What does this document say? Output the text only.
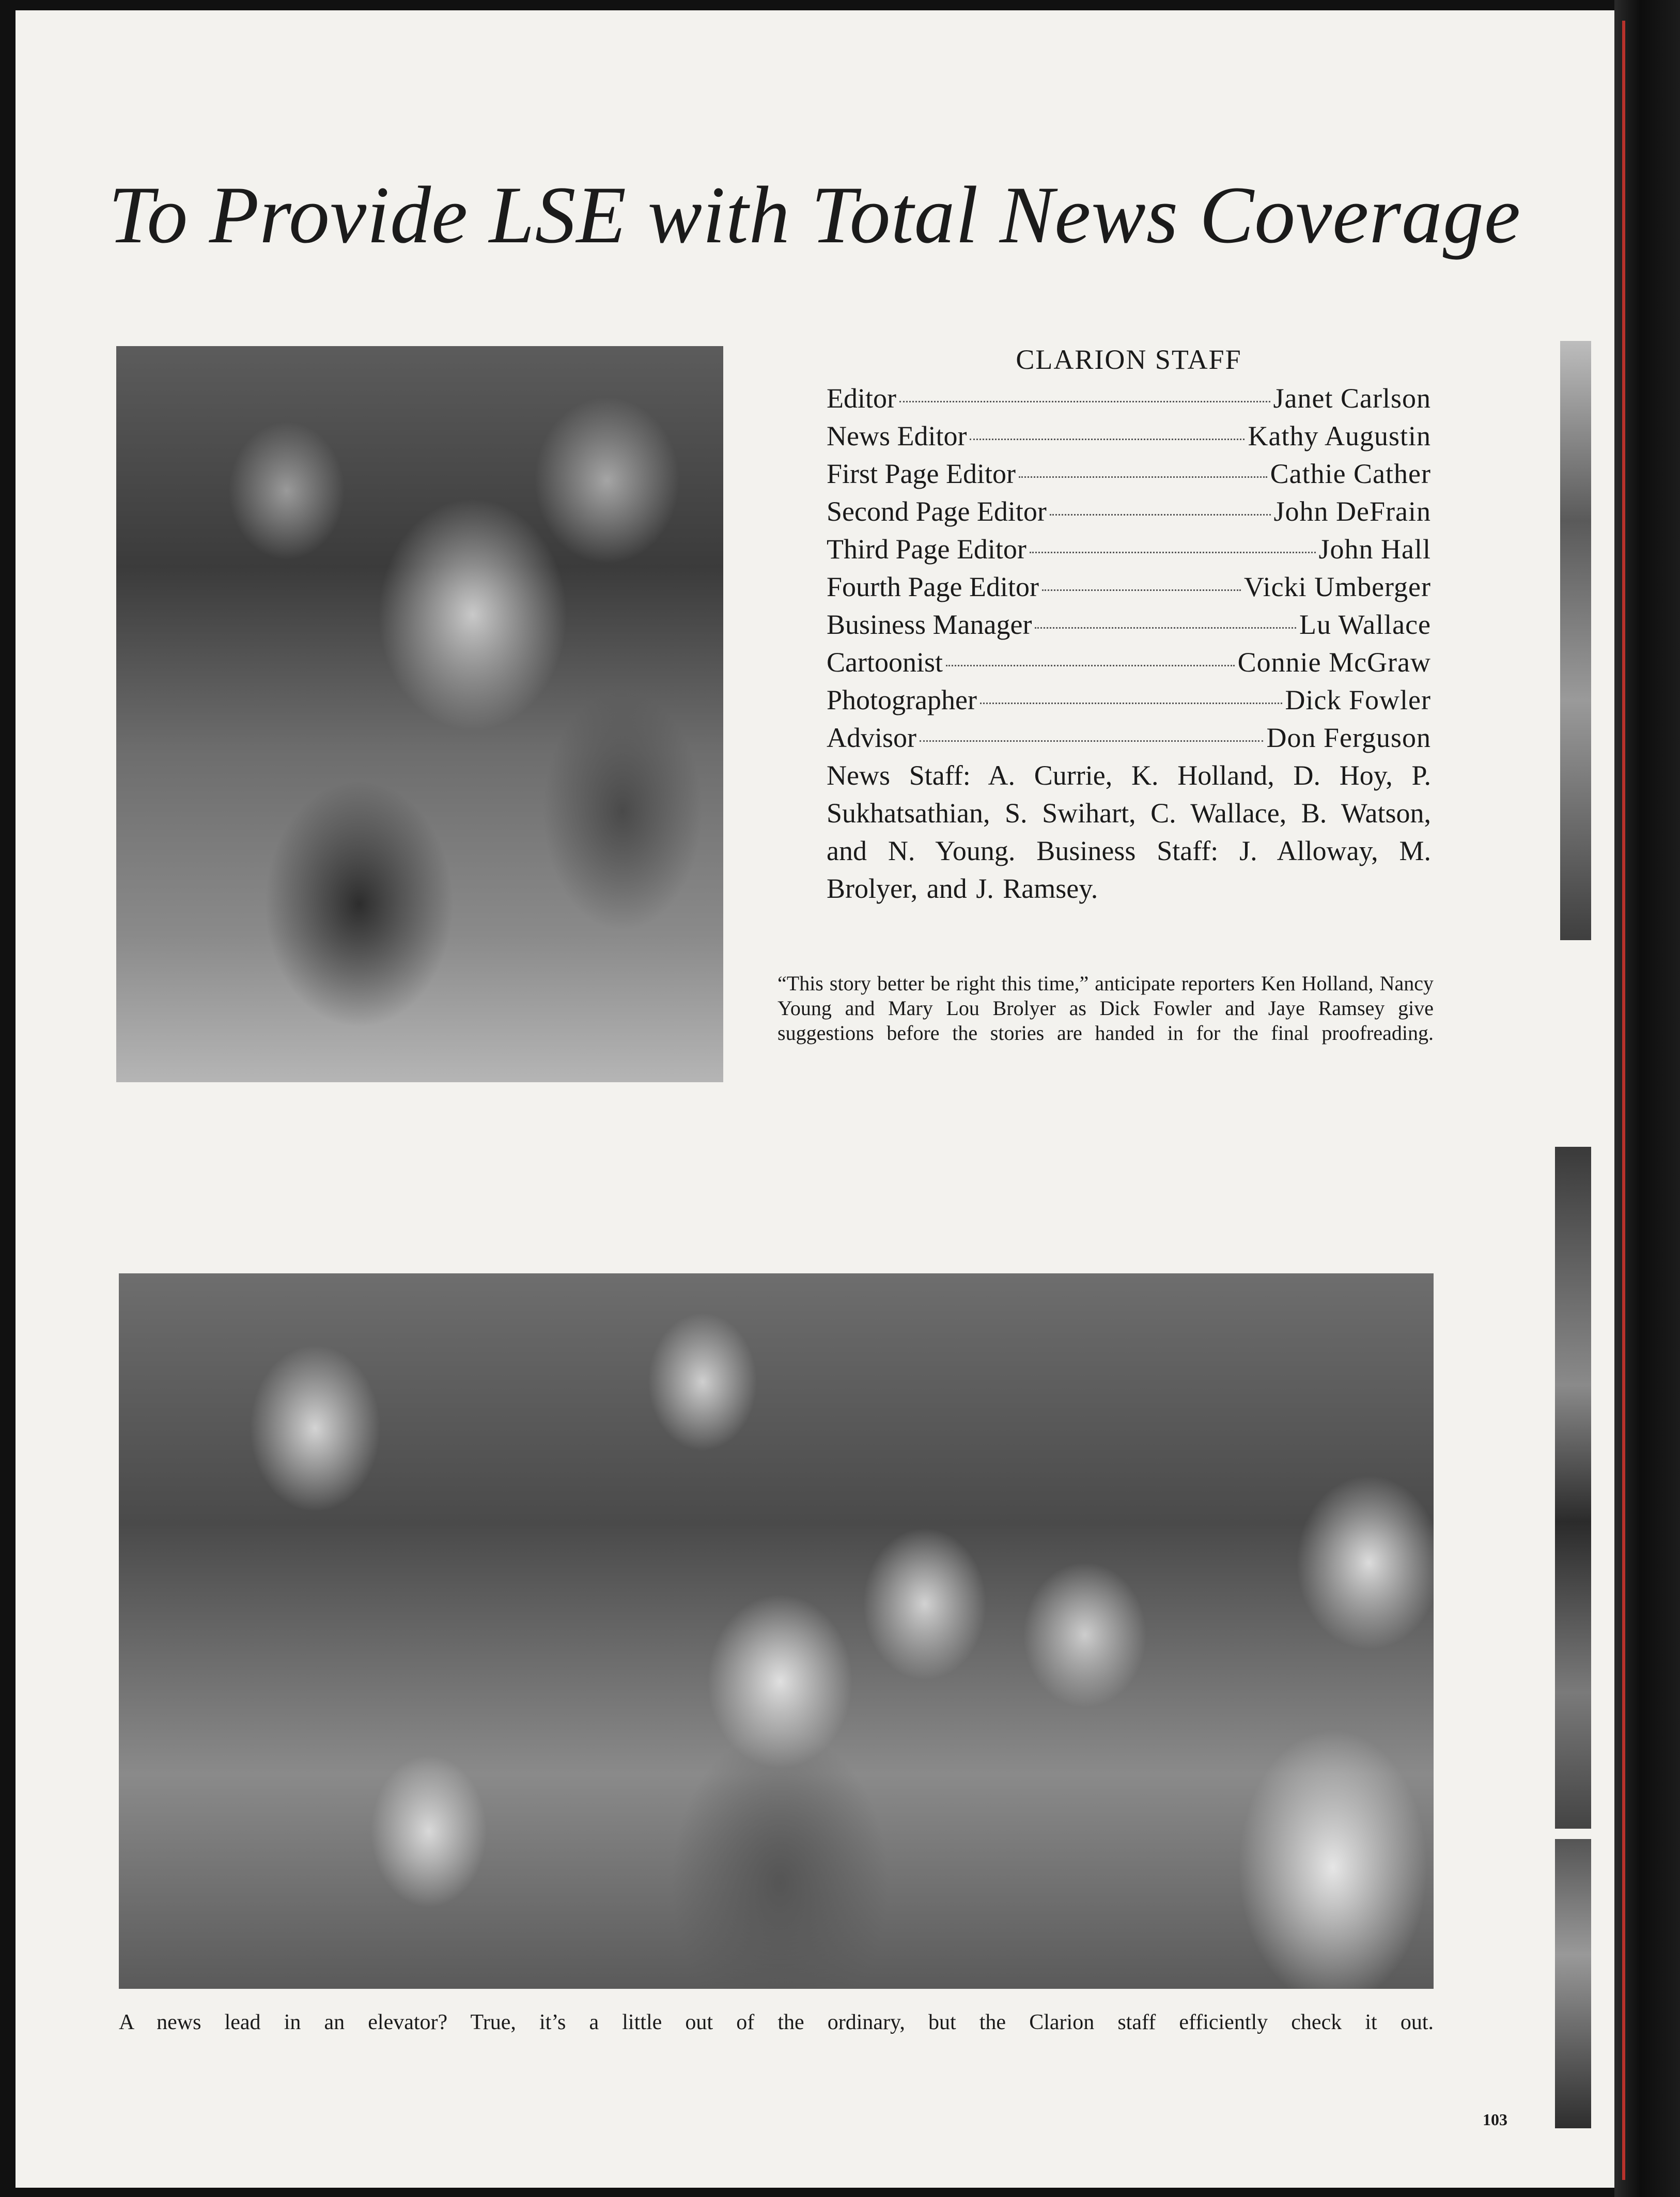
To Provide LSE with Total News Coverage
CLARION STAFF
Editor	Janet Carlson
News Editor	Kathy Augustin
First Page Editor	Cathie Cather
Second Page Editor	John DeFrain
Third Page Editor	John Hall
Fourth Page Editor	Vicki Umberger
Business Manager	Lu Wallace
Cartoonist	Connie McGraw
Photographer	Dick Fowler
Advisor	Don Ferguson
News Staff: A. Currie, K. Holland, D. Hoy, P. Sukhatsathian, S. Swihart, C. Wallace, B. Watson, and N. Young. Business Staff: J. Alloway, M. Brolyer, and J. Ramsey.
“This story better be right this time,” anticipate reporters Ken Holland, Nancy Young and Mary Lou Brolyer as Dick Fowler and Jaye Ramsey give suggestions before the stories are handed in for the final proofreading.
A news lead in an elevator? True, it’s a little out of the ordinary, but the Clarion staff efficiently check it out.
103
